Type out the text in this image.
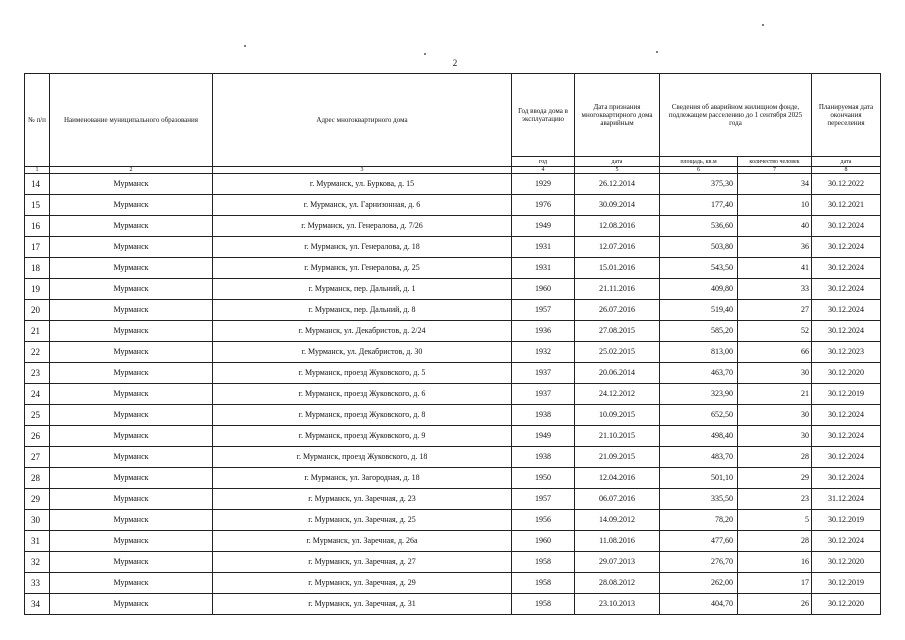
2
№ п/п	Наименование муниципального образования	Адрес многоквартирного дома	Год ввода дома в эксплуатацию	Дата признания многоквартирного дома аварийным	Сведения об аварийном жилищном фонде, подлежащем расселению до 1 сентября 2025 года		Планируемая дата окончания переселения
			год	дата	площадь, кв.м	количество человек	дата
1	2	3	4	5	6	7	8
14	Мурманск	г. Мурманск, ул. Буркова, д. 15	1929	26.12.2014	375,30	34	30.12.2022
15	Мурманск	г. Мурманск, ул. Гарнизонная, д. 6	1976	30.09.2014	177,40	10	30.12.2021
16	Мурманск	г. Мурманск, ул. Генералова, д. 7/26	1949	12.08.2016	536,60	40	30.12.2024
17	Мурманск	г. Мурманск, ул. Генералова, д. 18	1931	12.07.2016	503,80	36	30.12.2024
18	Мурманск	г. Мурманск, ул. Генералова, д. 25	1931	15.01.2016	543,50	41	30.12.2024
19	Мурманск	г. Мурманск, пер. Дальний, д. 1	1960	21.11.2016	409,80	33	30.12.2024
20	Мурманск	г. Мурманск, пер. Дальний, д. 8	1957	26.07.2016	519,40	27	30.12.2024
21	Мурманск	г. Мурманск, ул. Декабристов, д. 2/24	1936	27.08.2015	585,20	52	30.12.2024
22	Мурманск	г. Мурманск, ул. Декабристов, д. 30	1932	25.02.2015	813,00	66	30.12.2023
23	Мурманск	г. Мурманск, проезд Жуковского, д. 5	1937	20.06.2014	463,70	30	30.12.2020
24	Мурманск	г. Мурманск, проезд Жуковского, д. 6	1937	24.12.2012	323,90	21	30.12.2019
25	Мурманск	г. Мурманск, проезд Жуковского, д. 8	1938	10.09.2015	652,50	30	30.12.2024
26	Мурманск	г. Мурманск, проезд Жуковского, д. 9	1949	21.10.2015	498,40	30	30.12.2024
27	Мурманск	г. Мурманск, проезд Жуковского, д. 18	1938	21.09.2015	483,70	28	30.12.2024
28	Мурманск	г. Мурманск, ул. Загородная, д. 18	1950	12.04.2016	501,10	29	30.12.2024
29	Мурманск	г. Мурманск, ул. Заречная, д. 23	1957	06.07.2016	335,50	23	31.12.2024
30	Мурманск	г. Мурманск, ул. Заречная, д. 25	1956	14.09.2012	78,20	5	30.12.2019
31	Мурманск	г. Мурманск, ул. Заречная, д. 26а	1960	11.08.2016	477,60	28	30.12.2024
32	Мурманск	г. Мурманск, ул. Заречная, д. 27	1958	29.07.2013	276,70	16	30.12.2020
33	Мурманск	г. Мурманск, ул. Заречная, д. 29	1958	28.08.2012	262,00	17	30.12.2019
34	Мурманск	г. Мурманск, ул. Заречная, д. 31	1958	23.10.2013	404,70	26	30.12.2020
